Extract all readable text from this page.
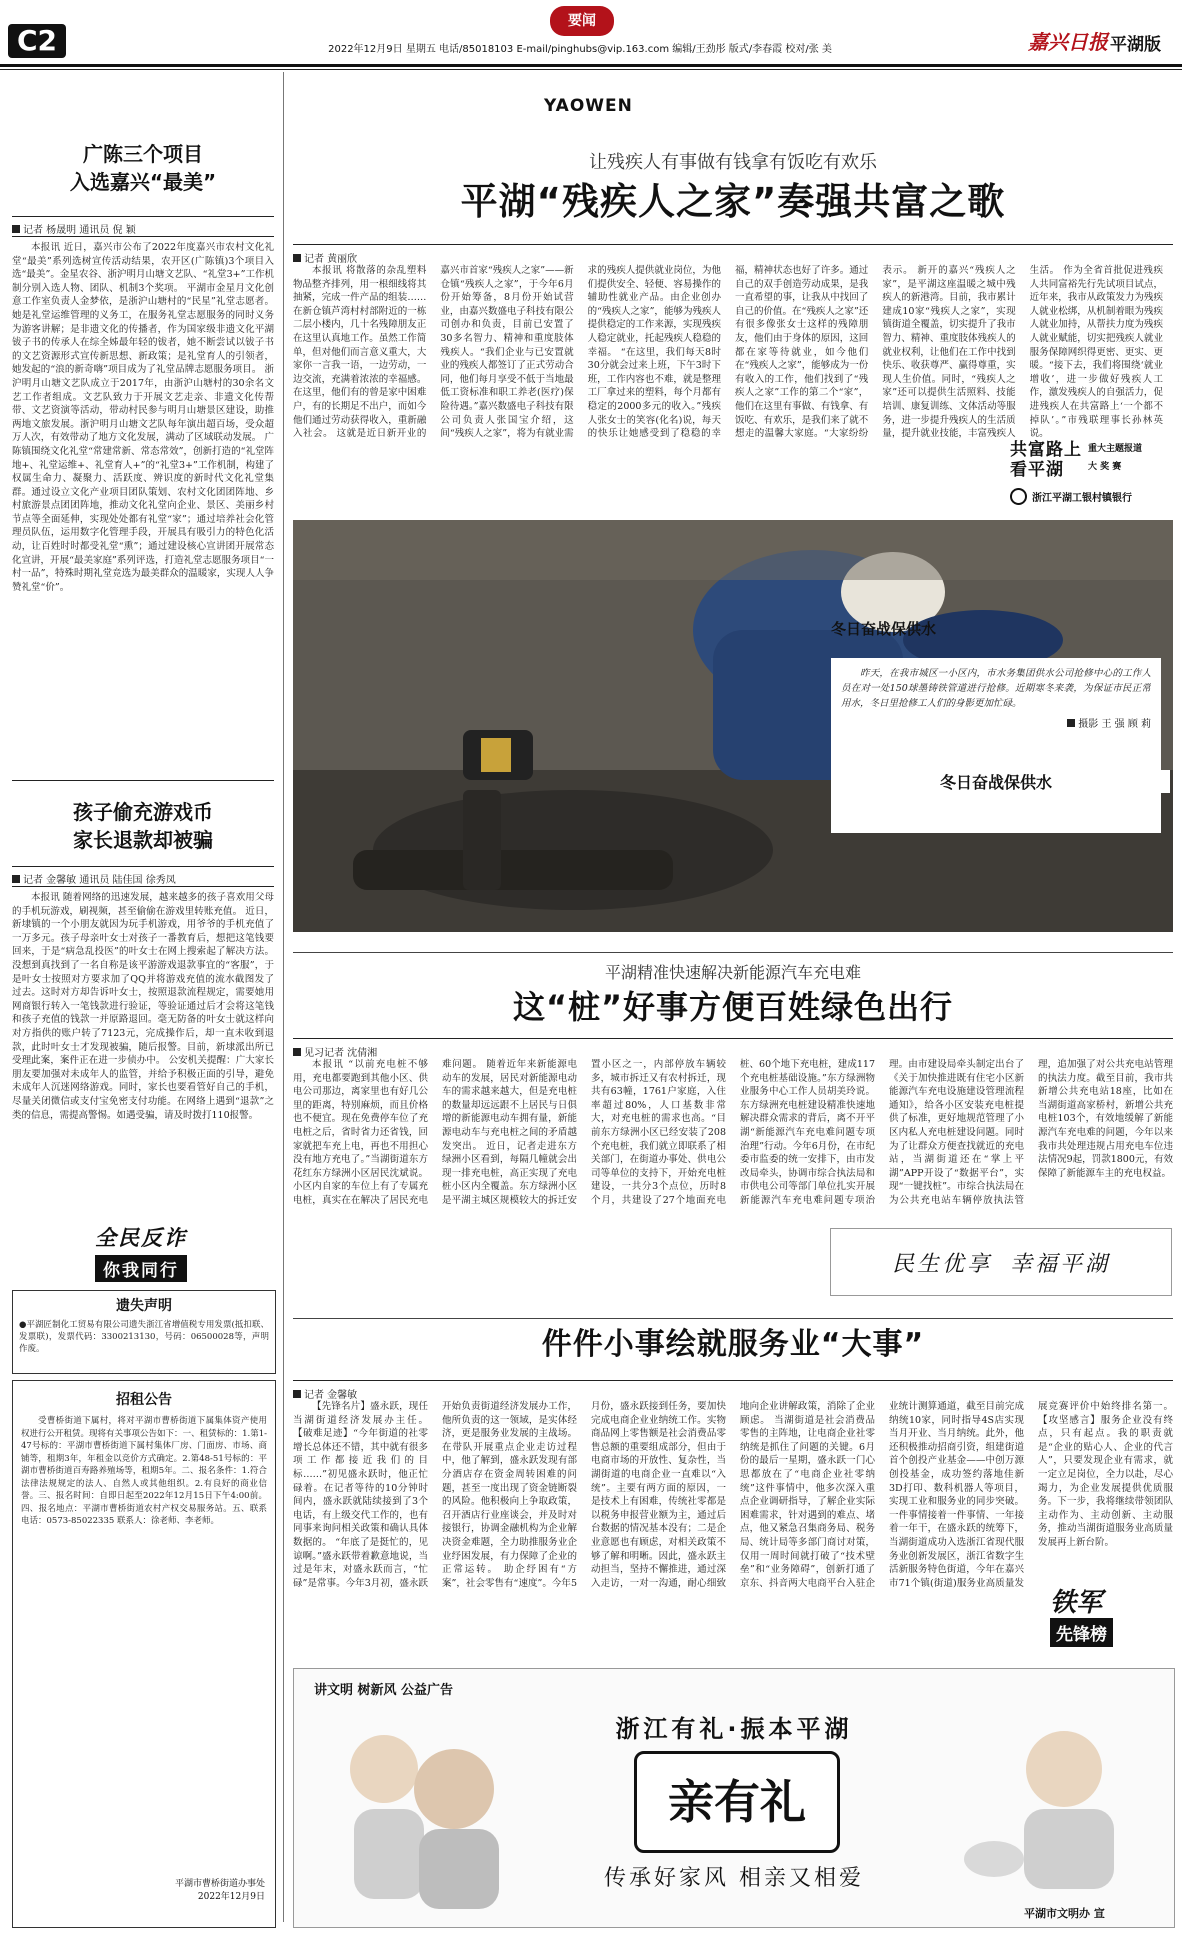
C2
要闻
2022年12月9日 星期五 电话/85018103 E-mail/pinghubs@vip.163.com 编辑/王劲彤 版式/李春霞 校对/张 美	嘉兴日报 平湖版
YAOWEN
广陈三个项目
入选嘉兴“最美”
记者 杨晟明 通讯员 倪 颖
本报讯 近日，嘉兴市公布了2022年度嘉兴市农村文化礼堂“最美”系列选树宣传活动结果，农开区(广陈镇)3个项目入选“最美”。金星农谷、浙沪明月山塘文艺队、“礼堂3+”工作机制分别入选人物、团队、机制3个奖项。 平湖市金星月文化创意工作室负责人金梦依，是浙沪山塘村的“民星”礼堂志愿者。她是礼堂运维管理的义务工，在服务礼堂志愿服务的同时义务为游客讲解；是非遗文化的传播者，作为国家级非遗文化平湖钹子书的传承人在综全姊最年轻的钹者，她不断尝试以钹子书的文艺资源形式宣传新思想、新政策；是礼堂育人的引领者，她发起的“浪的新奇嗨”项目成为了礼堂品牌志愿服务项目。 浙沪明月山塘文艺队成立于2017年，由浙沪山塘村的30余名文艺工作者组成。文艺队致力于开展文艺走亲、非遗文化传帮带、文艺资演等活动，带动村民参与明月山塘景区建设，助推两地文旅发展。浙沪明月山塘文艺队每年演出超百场，受众超万人次，有效带动了地方文化发展，满动了区域联动发展。 广陈镇围绕文化礼堂“常建常新、常态常效”，创新打造的“礼堂阵地+、礼堂运维+、礼堂育人+”的“礼堂3+”工作机制，构建了权属生命力、凝聚力、活跃度、辨识度的新时代文化礼堂集群。通过设立文化产业项目团队策划、农村文化团团阵地、乡村旅游景点团团阵地，推动文化礼堂向企业、景区、美丽乡村节点等全面延伸，实现处处都有礼堂“家”；通过培养社会化管理员队伍，运用数字化管理手段，开展具有吸引力的特色化活动，让百姓时时都受礼堂“熏”；通过建设核心宣讲团开展常态化宣讲，开展“最美家庭”系列评选，打造礼堂志愿服务项目“一村一品”，特殊时期礼堂竞选为最美群众的温暖家，实现人人争赞礼堂“价”。
孩子偷充游戏币
家长退款却被骗
记者 金馨敏 通讯员 陆佳国 徐秀凤
本报讯 随着网络的迅速发展，越来越多的孩子喜欢用父母的手机玩游戏，刷视频，甚至偷偷在游戏里转账充值。 近日，新埭镇的一个小朋友就因为玩手机游戏，用爷爷的手机充值了一万多元。孩子母亲叶女士对孩子一番教育后，想把这笔钱要回来，于是“病急乱投医”的叶女士在网上搜索起了解决方法。 没想到真找到了一名自称是该平游游戏退款事宜的“客服”，于是叶女士按照对方要求加了QQ并将游戏充值的流水截图发了过去。这时对方却告诉叶女士，按照退款流程规定，需要她用网商银行转入一笔钱款进行验证，等验证通过后才会将这笔钱和孩子充值的钱款一并原路退回。毫无防备的叶女士就这样向对方指供的账户转了7123元，完成操作后，却一直未收到退款，此时叶女士才发现被骗，随后报警。目前，新埭派出所已受理此案，案件正在进一步侦办中。 公安机关提醒：广大家长朋友要加强对未成年人的监管，并给予积极正面的引导，避免未成年人沉迷网络游戏。同时，家长也要看管好自己的手机，尽量关闭微信或支付宝免密支付功能。在网络上遇到“退款”之类的信息，需提高警惕。如遇受骗，请及时拨打110报警。
全民反诈
你我同行
遗失声明
●平湖匠制化工贸易有限公司遗失浙江省增值税专用发票(抵扣联、发票联)，发票代码：3300213130，号码：06500028等，声明作废。
招租公告
受曹桥街道下属村，将对平湖市曹桥街道下属集体资产使用权进行公开租赁。现将有关事项公告如下：一、租赁标的：1.第1-47号标的：平湖市曹桥街道下属村集体厂房、门面房、市场、商铺等，租期3年，年租金以竞价方式确定。2.第48-51号标的：平湖市曹桥街道百寿路养殖场等，租期5年。二、报名条件：1.符合法律法规规定的法人、自然人或其他组织。2.有良好的商业信誉。三、报名时间：自即日起至2022年12月15日下午4:00前。四、报名地点：平湖市曹桥街道农村产权交易服务站。五、联系电话：0573-85022335 联系人：徐老师、李老师。
平湖市曹桥街道办事处
2022年12月9日
让残疾人有事做有钱拿有饭吃有欢乐
平湖“残疾人之家”奏强共富之歌
记者 黄丽欣
本报讯 将散落的杂乱塑料物品整齐排列，用一根细线将其抽紧，完成一件产品的组装……在新仓镇芦湾村村部附近的一栋二层小楼内，几十名残障朋友正在这里认真地工作。虽然工作简单，但对他们而言意义重大，大家你一言我一语，一边劳动，一边交流，充满着浓浓的幸福感。在这里，他们有的曾是家中困难户，有的长期足不出户，而如今他们通过劳动获得收入，重新融入社会。 这就是近日新开业的嘉兴市首家“残疾人之家”——新仓镇“残疾人之家”，于今年6月份开始筹备，8月份开始试营业，由嘉兴数盛电子科技有限公司创办和负责，目前已安置了30多名智力、精神和重度肢体残疾人。“我们企业与已安置就业的残疾人都签订了正式劳动合同，他们每月享受不低于当地最低工资标准和职工养老(医疗)保险待遇。”嘉兴数盛电子科技有限公司负责人张国宝介绍，这间“残疾人之家”，将为有就业需求的残疾人提供就业岗位，为他们提供安全、轻便、容易操作的辅助性就业产品。由企业创办的“残疾人之家”，能够为残疾人提供稳定的工作来源，实现残疾人稳定就业，托起残疾人稳稳的幸福。 “在这里，我们每天8时30分就会过来上班，下午3时下班，工作内容也不难，就是整理工厂拿过来的塑料，每个月都有稳定的2000多元的收入。”残疾人张女士的笑容(化名)说，每天的快乐让她感受到了稳稳的幸福，精神状态也好了许多。通过自己的双手创造劳动成果，是我一直希望的事，让我从中找回了自己的价值。在“残疾人之家”还有很多像张女士这样的残障朋友，他们由于身体的原因，这回都在家等待就业，如今他们在“残疾人之家”，能够成为一份有收入的工作，他们找到了“残疾人之家”工作的第二个“家”，他们在这里有事做、有钱拿、有饭吃、有欢乐，是我们来了就不想走的温馨大家庭。“大家纷纷表示。 新开的嘉兴“残疾人之家”，是平湖这座温暖之城中残疾人的新港湾。目前，我市累计建成10家“残疾人之家”，实现镇街道全覆盖，切实提升了我市智力、精神、重度肢体残疾人的就业权利，让他们在工作中找到快乐、收获尊严、赢得尊重，实现人生价值。同时，“残疾人之家”还可以提供生活照料、技能培训、康复训练、文体活动等服务，进一步提升残疾人的生活质量，提升就业技能，丰富残疾人生活。 作为全省首批促进残疾人共同富裕先行先试项目试点，近年来，我市从政策发力为残疾人就业松绑，从机制着眼为残疾人就业加持，从帮扶力度为残疾人就业赋能，切实把残疾人就业服务保障网织得更密、更实、更暖。“接下去，我们将围绕‘就业增收’，进一步做好残疾人工作，激发残疾人的自强活力，促进残疾人在共富路上‘一个都不掉队’。”市残联理事长孙林英说。
共富路上
看平湖
重大主题报道
大 奖 赛
浙江平湖工银村镇银行
冬日奋战保供水
昨天，在我市城区一小区内，市水务集团供水公司抢修中心的工作人员在对一处150球墨铸铁管道进行抢修。近期寒冬来袭，为保证市民正常用水，冬日里抢修工人们的身影更加忙碌。
摄影 王 强 顾 莉
冬日奋战保供水
平湖精准快速解决新能源汽车充电难
这“桩”好事方便百姓绿色出行
见习记者 沈倩湘
本报讯 “以前充电桩不够用，充电都要跑到其他小区、供电公司那边，离家里也有好几公里的距离，特别麻烦，而且价格也不便宜。现在免费停车位了充电桩之后，省时省力还省钱，回家就把车充上电，再也不用担心没有地方充电了。”当湖街道东方花红东方绿洲小区居民沈斌说。小区内自家的车位上有了专属充电桩，真实在在解决了居民充电难问题。 随着近年来新能源电动车的发展，居民对新能源电动车的需求越来越大，但是充电桩的数量却远远跟不上居民与日俱增的新能源电动车拥有量，新能源电动车与充电桩之间的矛盾越发突出。 近日，记者走进东方绿洲小区看到，每隔几幢就会出现一排充电桩，高正实现了充电桩小区内全覆盖。东方绿洲小区是平湖主城区规模较大的拆迁安置小区之一，内部停放车辆较多，城市拆迁又有农村拆迁，现共有63幢，1761户家庭，入住率超过80%，人口基数非常大，对充电桩的需求也高。“目前东方绿洲小区已经安装了208个充电桩，我们就立即联系了相关部门，在街道办事处、供电公司等单位的支持下，开始充电桩建设，一共分3个点位，历时8个月，共建设了27个地面充电桩、60个地下充电桩，建成117个充电桩基础设施。”东方绿洲物业服务中心工作人员胡美玲说。 东方绿洲充电桩建设精准快速地解决群众需求的背后，离不开平湖“新能源汽车充电难问题专项治理”行动。今年6月份，在市纪委市监委的统一安排下，由市发改局牵头，协调市综合执法局和市供电公司等部门单位扎实开展新能源汽车充电难问题专项治理。由市建设局牵头制定出台了《关于加快推进既有住宅小区新能源汽车充电设施建设管理流程通知》，给各小区安装充电桩提供了标准，更好地规范管理了小区内私人充电桩建设问题。同时为了让群众方便查找就近的充电站，当湖街道还在“掌上平湖”APP开设了“数据平台”，实现“一键找桩”。市综合执法局在为公共充电站车辆停放执法管理，追加强了对公共充电站管理的执法力度。截至目前，我市共新增公共充电站18座，比如在当湖街道高家桥村，新增公共充电桩103个，有效地缓解了新能源汽车充电难的问题，今年以来我市共处理违规占用充电车位违法情况9起，罚款1800元，有效保障了新能源车主的充电权益。
民生优享 幸福平湖
件件小事绘就服务业“大事”
记者 金馨敏
【先锋名片】盛永跃，现任当湖街道经济发展办主任。 【破难足迹】“今年街道的社零增长总体还不错，其中就有很多项工作都接近我们的目标……”初见盛永跃时，他正忙碌着。在记者等待的10分钟时间内，盛永跃就陆续接到了3个电话，有上级交代工作的，也有同事来询问相关政策和确认具体数据的。 “年底了是挺忙的，见谅啊。”盛永跃带着歉意地说，当过是年末，对盛永跃而言，“忙碌”是常事。今年3月初，盛永跃开始负责街道经济发展办工作，他所负责的这一领域，是实体经济，更是服务业发展的主战场。在带队开展重点企业走访过程中，他了解到，盛永跃发现有部分酒店存在资金周转困难的问题，甚至一度出现了资金链断裂的风险。他积极向上争取政策，召开酒店行业座谈会，并及时对接银行，协调金融机构为企业解决资金难题，全力助推服务业企业纾困发展，有力保障了企业的正常运转。 助企纾困有“方案”，社会零售有“速度”。今年5月份，盛永跃接到任务，要加快完成电商企业业纳统工作。实物商品网上零售额是社会消费品零售总额的重要组成部分，但由于电商市场的开放性、复杂性，当湖街道的电商企业一直难以“入统”。主要有两方面的原因，一是技术上有困难，传统社零都是以税务申报营业额为主，通过后台数据的情况基本没有；二是企业意愿也有顾虑，对相关政策不够了解和明晰。因此，盛永跃主动担当，坚持不懈推进，通过深入走访，一对一沟通，耐心细致地向企业讲解政策，消除了企业顾虑。 当湖街道是社会消费品零售的主阵地，让电商企业社零纳统是抓住了问题的关键。6月份的最后一星期，盛永跃一门心思都放在了“电商企业社零纳统”这件事情中，他多次深入重点企业调研指导，了解企业实际困难需求，针对遇到的难点、堵点，他又紧急召集商务局、税务局、统计局等多部门商讨对策，仅用一周时间就打破了“技术壁垒”和“业务障碍”，创新打通了京东、抖音两大电商平台入驻企业统计测算通道，截至目前完成纳统10家，同时指导4S店实现当月开业、当月纳统。此外，他还积极推动招商引资，组建街道首个创投产业基金——中创万源创投基金，成功签约落地佳新3D打印、数科机器人等项目，实现工业和服务业的同步突破。 一件事情接着一件事情、一年接着一年干，在盛永跃的统筹下，当湖街道成功入选浙江省现代服务业创新发展区，浙江省数字生活新服务特色街道，今年在嘉兴市71个镇(街道)服务业高质量发展竞赛评价中始终排名第一。 【攻坚感言】服务企业没有终点，只有起点。我的职责就是“企业的贴心人、企业的代言人”，只要发现企业有需求，就一定立足岗位，全力以赴，尽心竭力，为企业发展提供优质服务。下一步，我将继续带领团队主动作为、主动创新、主动服务，推动当湖街道服务业高质量发展再上新台阶。
铁军
先锋榜
讲文明 树新风 公益广告
浙江有礼·振本平湖
亲有礼
传承好家风 相亲又相爱
平湖市文明办 宣
